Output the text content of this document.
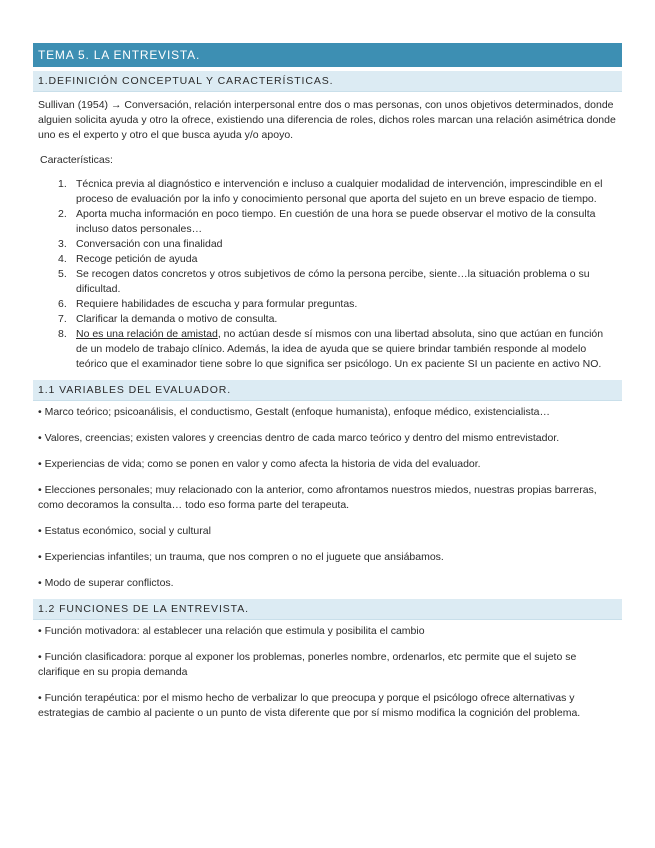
TEMA 5. LA ENTREVISTA.
1.DEFINICIÓN CONCEPTUAL Y CARACTERÍSTICAS.
Sullivan (1954) → Conversación, relación interpersonal entre dos o mas personas, con unos objetivos determinados, donde alguien solicita ayuda y otro la ofrece, existiendo una diferencia de roles, dichos roles marcan una relación asimétrica donde uno es el experto y otro el que busca ayuda y/o apoyo.
Características:
1. Técnica previa al diagnóstico e intervención e incluso a cualquier modalidad de intervención, imprescindible en el proceso de evaluación por la info y conocimiento personal que aporta del sujeto en un breve espacio de tiempo.
2. Aporta mucha información en poco tiempo. En cuestión de una hora se puede observar el motivo de la consulta incluso datos personales…
3. Conversación con una finalidad
4. Recoge petición de ayuda
5. Se recogen datos concretos y otros subjetivos de cómo la persona percibe, siente…la situación problema o su dificultad.
6. Requiere habilidades de escucha y para formular preguntas.
7. Clarificar la demanda o motivo de consulta.
8. No es una relación de amistad, no actúan desde sí mismos con una libertad absoluta, sino que actúan en función de un modelo de trabajo clínico. Además, la idea de ayuda que se quiere brindar también responde al modelo teórico que el examinador tiene sobre lo que significa ser psicólogo. Un ex paciente SI un paciente en activo NO.
1.1 VARIABLES DEL EVALUADOR.
• Marco teórico; psicoanálisis, el conductismo, Gestalt (enfoque humanista), enfoque médico, existencialista…
• Valores, creencias; existen valores y creencias dentro de cada marco teórico y dentro del mismo entrevistador.
• Experiencias de vida; como se ponen en valor y como afecta la historia de vida del evaluador.
• Elecciones personales; muy relacionado con la anterior, como afrontamos nuestros miedos, nuestras propias barreras, como decoramos la consulta… todo eso forma parte del terapeuta.
• Estatus económico, social y cultural
• Experiencias infantiles; un trauma, que nos compren o no el juguete que ansiábamos.
• Modo de superar conflictos.
1.2 FUNCIONES DE LA ENTREVISTA.
• Función motivadora: al establecer una relación que estimula y posibilita el cambio
• Función clasificadora: porque al exponer los problemas, ponerles nombre, ordenarlos, etc permite que el sujeto se clarifique en su propia demanda
• Función terapéutica: por el mismo hecho de verbalizar lo que preocupa y porque el psicólogo ofrece alternativas y estrategias de cambio al paciente o un punto de vista diferente que por sí mismo modifica la cognición del problema.
